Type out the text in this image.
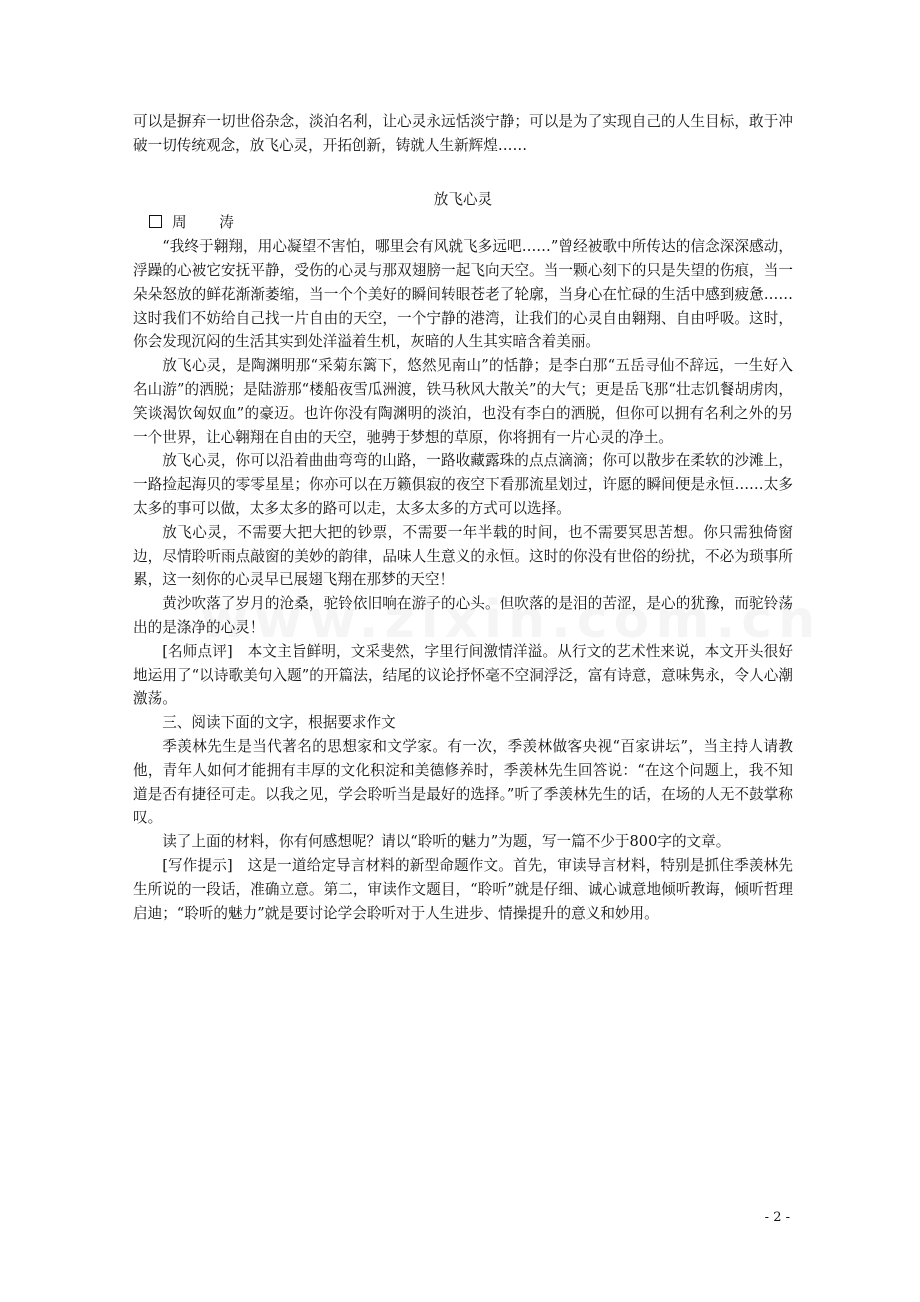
可以是摒弃一切世俗杂念，淡泊名利，让心灵永远恬淡宁静；可以是为了实现自己的人生目标，敢于冲破一切传统观念，放飞心灵，开拓创新，铸就人生新辉煌……

放飞心灵

周 涛

“我终于翱翔，用心凝望不害怕，哪里会有风就飞多远吧……”曾经被歌中所传达的信念深深感动，浮躁的心被它安抚平静，受伤的心灵与那双翅膀一起飞向天空。当一颗心刻下的只是失望的伤痕，当一朵朵怒放的鲜花渐渐萎缩，当一个个美好的瞬间转眼苍老了轮廓，当身心在忙碌的生活中感到疲惫……这时我们不妨给自己找一片自由的天空，一个宁静的港湾，让我们的心灵自由翱翔、自由呼吸。这时，你会发现沉闷的生活其实到处洋溢着生机，灰暗的人生其实暗含着美丽。

放飞心灵，是陶渊明那“采菊东篱下，悠然见南山”的恬静；是李白那“五岳寻仙不辞远，一生好入名山游”的洒脱；是陆游那“楼船夜雪瓜洲渡，铁马秋风大散关”的大气；更是岳飞那“壮志饥餐胡虏肉，笑谈渴饮匈奴血”的豪迈。也许你没有陶渊明的淡泊，也没有李白的洒脱，但你可以拥有名利之外的另一个世界，让心翱翔在自由的天空，驰骋于梦想的草原，你将拥有一片心灵的净土。

放飞心灵，你可以沿着曲曲弯弯的山路，一路收藏露珠的点点滴滴；你可以散步在柔软的沙滩上，一路捡起海贝的零零星星；你亦可以在万籁俱寂的夜空下看那流星划过，许愿的瞬间便是永恒……太多太多的事可以做，太多太多的路可以走，太多太多的方式可以选择。

放飞心灵，不需要大把大把的钞票，不需要一年半载的时间，也不需要冥思苦想。你只需独倚窗边，尽情聆听雨点敲窗的美妙的韵律，品味人生意义的永恒。这时的你没有世俗的纷扰，不必为琐事所累，这一刻你的心灵早已展翅飞翔在那梦的天空！

黄沙吹落了岁月的沧桑，驼铃依旧响在游子的心头。但吹落的是泪的苦涩，是心的犹豫，而驼铃荡出的是涤净的心灵！

[名师点评]　本文主旨鲜明，文采斐然，字里行间激情洋溢。从行文的艺术性来说，本文开头很好地运用了“以诗歌美句入题”的开篇法，结尾的议论抒怀毫不空洞浮泛，富有诗意，意味隽永，令人心潮激荡。

三、阅读下面的文字，根据要求作文

季羡林先生是当代著名的思想家和文学家。有一次，季羡林做客央视“百家讲坛”，当主持人请教他，青年人如何才能拥有丰厚的文化积淀和美德修养时，季羡林先生回答说：“在这个问题上，我不知道是否有捷径可走。以我之见，学会聆听当是最好的选择。”听了季羡林先生的话，在场的人无不鼓掌称叹。

读了上面的材料，你有何感想呢？请以“聆听的魅力”为题，写一篇不少于800字的文章。

[写作提示]　这是一道给定导言材料的新型命题作文。首先，审读导言材料，特别是抓住季羡林先生所说的一段话，准确立意。第二，审读作文题目，“聆听”就是仔细、诚心诚意地倾听教诲，倾听哲理启迪；“聆听的魅力”就是要讨论学会聆听对于人生进步、情操提升的意义和妙用。

- 2 -
